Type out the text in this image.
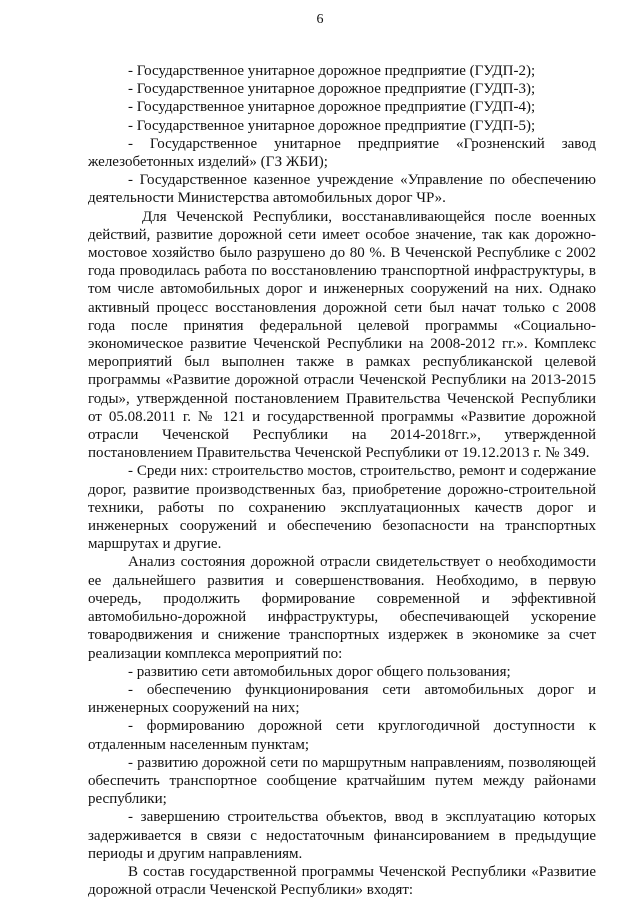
6

- Государственное унитарное дорожное предприятие (ГУДП-2);

- Государственное унитарное дорожное предприятие (ГУДП-3);

- Государственное унитарное дорожное предприятие (ГУДП-4);

- Государственное унитарное дорожное предприятие (ГУДП-5);

- Государственное унитарное предприятие «Грозненский завод железобетонных изделий» (ГЗ ЖБИ);

- Государственное казенное учреждение «Управление по обеспечению деятельности Министерства автомобильных дорог ЧР».

Для Чеченской Республики, восстанавливающейся после военных действий, развитие дорожной сети имеет особое значение, так как дорожно-мостовое хозяйство было разрушено до 80 %. В Чеченской Республике с 2002 года проводилась работа по восстановлению транспортной инфраструктуры, в том числе автомобильных дорог и инженерных сооружений на них. Однако активный процесс восстановления дорожной сети был начат только с 2008 года после принятия федеральной целевой программы «Социально-экономическое развитие Чеченской Республики на 2008-2012 гг.». Комплекс мероприятий был выполнен также в рамках республиканской целевой программы «Развитие дорожной отрасли Чеченской Республики на 2013-2015 годы», утвержденной постановлением Правительства Чеченской Республики от 05.08.2011 г. № 121 и государственной программы «Развитие дорожной отрасли Чеченской Республики на 2014-2018гг.», утвержденной постановлением Правительства Чеченской Республики от 19.12.2013 г. № 349.

- Среди них: строительство мостов, строительство, ремонт и содержание дорог, развитие производственных баз, приобретение дорожно-строительной техники, работы по сохранению эксплуатационных качеств дорог и инженерных сооружений и обеспечению безопасности на транспортных маршрутах и другие.

Анализ состояния дорожной отрасли свидетельствует о необходимости ее дальнейшего развития и совершенствования. Необходимо, в первую очередь, продолжить формирование современной и эффективной автомобильно-дорожной инфраструктуры, обеспечивающей ускорение товародвижения и снижение транспортных издержек в экономике за счет реализации комплекса мероприятий по:

- развитию сети автомобильных дорог общего пользования;

- обеспечению функционирования сети автомобильных дорог и инженерных сооружений на них;

- формированию дорожной сети круглогодичной доступности к отдаленным населенным пунктам;

- развитию дорожной сети по маршрутным направлениям, позволяющей обеспечить транспортное сообщение кратчайшим путем между районами республики;

- завершению строительства объектов, ввод в эксплуатацию которых задерживается в связи с недостаточным финансированием в предыдущие периоды и другим направлениям.

В состав государственной программы Чеченской Республики «Развитие дорожной отрасли Чеченской Республики» входят:
